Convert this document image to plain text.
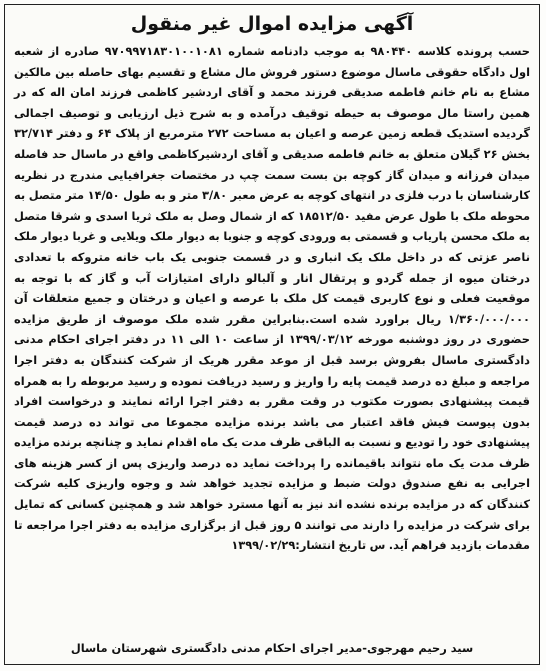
آگهی مزایده اموال غیر منقول
حسب پرونده کلاسه ۹۸۰۴۴۰ به موجب دادنامه شماره ۹۷۰۹۹۷۱۸۳۰۱۰۰۱۰۸۱ صادره از شعبه اول دادگاه حقوقی ماسال موضوع دستور فروش مال مشاع و تقسیم بهای حاصله بین مالکین مشاع به نام خانم فاطمه صدیقی فرزند محمد و آقای اردشیر کاظمی فرزند امان اله که در همین راستا مال موصوف به حیطه توقیف درآمده و به شرح ذیل ارزیابی و توصیف اجمالی گردیده استدیک قطعه زمین عرصه و اعیان به مساحت ۲۷۲ مترمربع از پلاک ۶۴ و دفتر ۳۲/۷۱۴ بخش ۲۶ گیلان متعلق به خانم فاطمه صدیقی و آقای اردشیرکاظمی واقع در ماسال حد فاصله میدان فرزانه و میدان گاز کوچه بن بست سمت چپ در مختصات جغرافیایی مندرج در نظریه کارشناسان با درب فلزی در انتهای کوچه به عرض معبر ۳/۸۰ متر و به طول ۱۴/۵۰ متر متصل به محوطه ملک با طول عرض مفید ۱۸۵۱۲/۵۰ که از شمال وصل به ملک ثریا اسدی و شرقا متصل به ملک محسن پاریاب و قسمتی به ورودی کوچه و جنوبا به دیوار ملک ویلایی و غربا دیوار ملک ناصر عزتی که در داخل ملک یک انباری و در قسمت جنوبی یک باب خانه متروکه با تعدادی درختان میوه از جمله گردو و پرتقال انار و آلبالو دارای امتیازات آب و گاز که با توجه به موقعیت فعلی و نوع کاربری قیمت کل ملک با عرصه و اعیان و درختان و جمیع متعلقات آن ۱/۳۶۰/۰۰۰/۰۰۰ ریال براورد شده است.بنابراین مقرر شده ملک موصوف از طریق مزایده حضوری در روز دوشنبه مورخه ۱۳۹۹/۰۳/۱۲ از ساعت ۱۰ الی ۱۱ در دفتر اجرای احکام مدنی دادگستری ماسال بفروش برسد قبل از موعد مقرر هریک از شرکت کنندگان به دفتر اجرا مراجعه و مبلغ ده درصد قیمت پایه را واریز و رسید دریافت نموده و رسید مربوطه را به همراه قیمت پیشنهادی بصورت مکتوب در وقت مقرر به دفتر اجرا ارائه نمایند و درخواست افراد بدون پیوست فیش فاقد اعتبار می باشد برنده مزایده مجموعا می تواند ده درصد قیمت پیشنهادی خود را تودیع و نسبت به الباقی ظرف مدت یک ماه اقدام نماید و چنانچه برنده مزایده ظرف مدت یک ماه نتواند باقیمانده را پرداخت نماید ده درصد واریزی پس از کسر هزینه های اجرایی به نفع صندوق دولت ضبط و مزایده تجدید خواهد شد و وجوه واریزی کلیه شرکت کنندگان که در مزایده برنده نشده اند نیز به آنها مسترد خواهد شد و همچنین کسانی که تمایل برای شرکت در مزایده را دارند می توانند ۵ روز قبل از برگزاری مزایده به دفتر اجرا مراجعه تا مقدمات بازدید فراهم آید. س تاریخ انتشار:۱۳۹۹/۰۲/۲۹
سید رحیم مهرجوی-مدیر اجرای احکام مدنی دادگستری شهرستان ماسال
